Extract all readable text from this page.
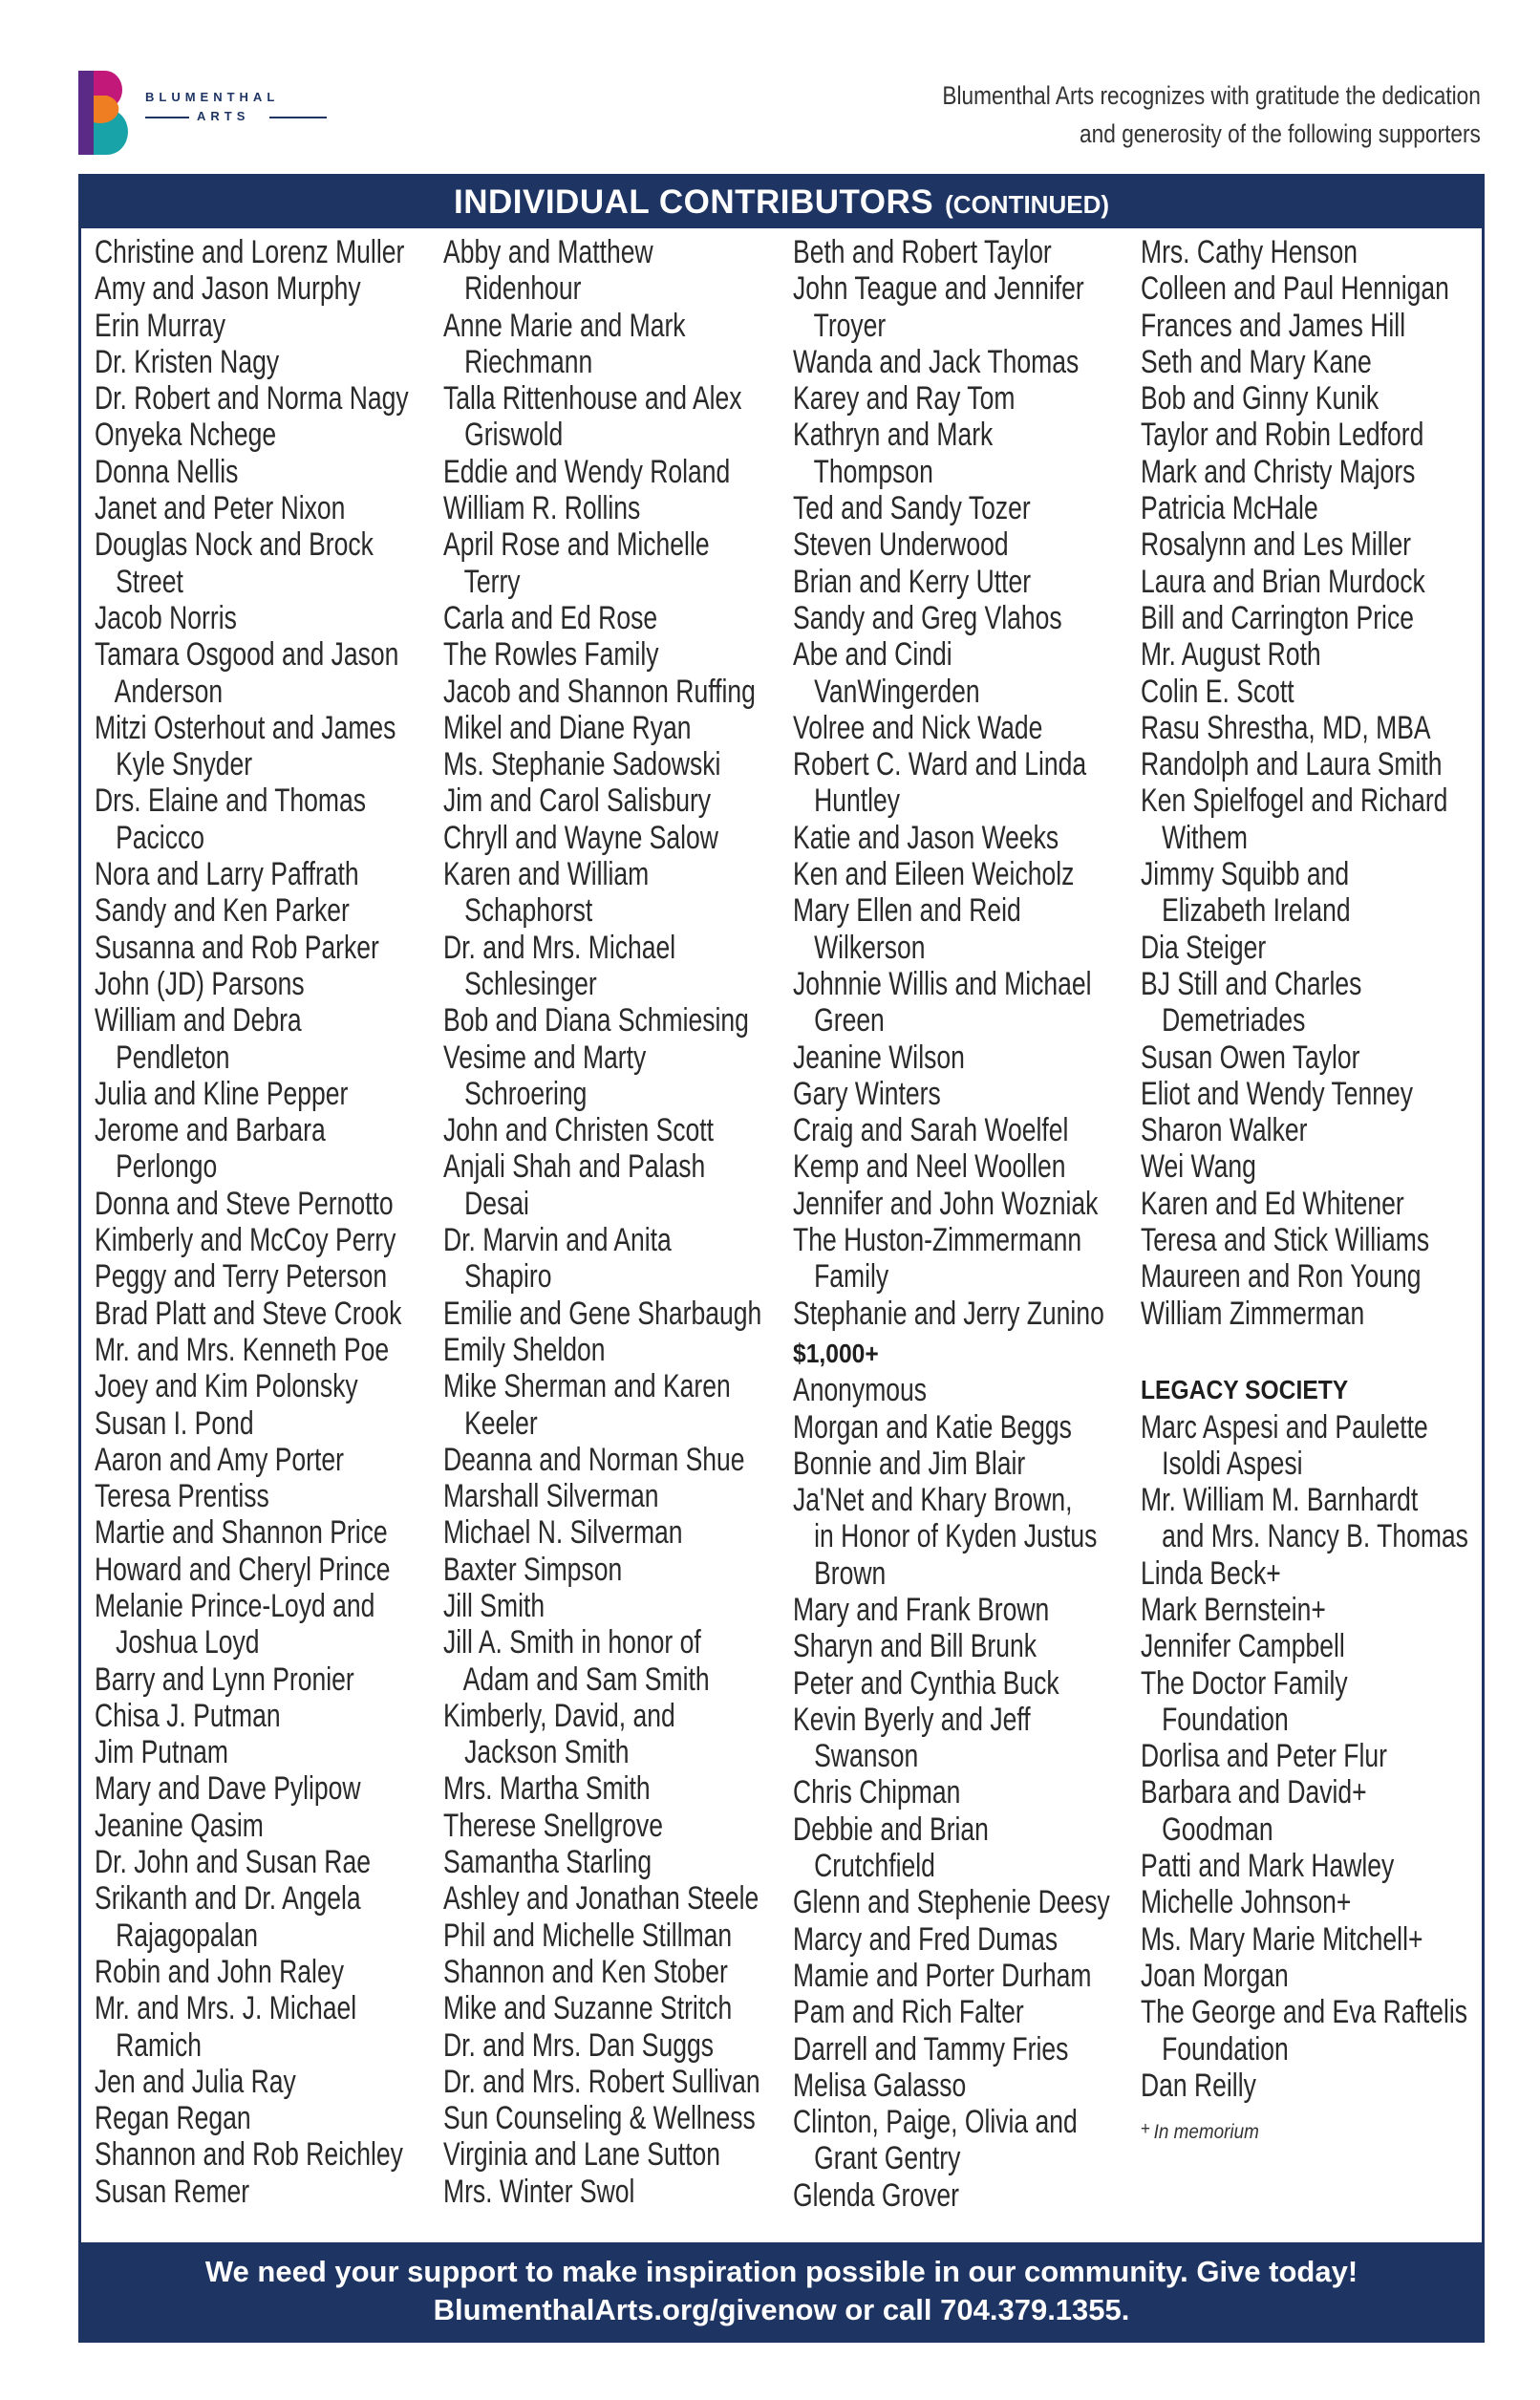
BLUMENTHAL
ARTS
Blumenthal Arts recognizes with gratitude the dedication
and generosity of the following supporters
INDIVIDUAL CONTRIBUTORS (CONTINUED)
Christine and Lorenz Muller
Amy and Jason Murphy
Erin Murray
Dr. Kristen Nagy
Dr. Robert and Norma Nagy
Onyeka Nchege
Donna Nellis
Janet and Peter Nixon
Douglas Nock and Brock
Street
Jacob Norris
Tamara Osgood and Jason
Anderson
Mitzi Osterhout and James
Kyle Snyder
Drs. Elaine and Thomas
Pacicco
Nora and Larry Paffrath
Sandy and Ken Parker
Susanna and Rob Parker
John (JD) Parsons
William and Debra
Pendleton
Julia and Kline Pepper
Jerome and Barbara
Perlongo
Donna and Steve Pernotto
Kimberly and McCoy Perry
Peggy and Terry Peterson
Brad Platt and Steve Crook
Mr. and Mrs. Kenneth Poe
Joey and Kim Polonsky
Susan I. Pond
Aaron and Amy Porter
Teresa Prentiss
Martie and Shannon Price
Howard and Cheryl Prince
Melanie Prince-Loyd and
Joshua Loyd
Barry and Lynn Pronier
Chisa J. Putman
Jim Putnam
Mary and Dave Pylipow
Jeanine Qasim
Dr. John and Susan Rae
Srikanth and Dr. Angela
Rajagopalan
Robin and John Raley
Mr. and Mrs. J. Michael
Ramich
Jen and Julia Ray
Regan Regan
Shannon and Rob Reichley
Susan Remer
Abby and Matthew
Ridenhour
Anne Marie and Mark
Riechmann
Talla Rittenhouse and Alex
Griswold
Eddie and Wendy Roland
William R. Rollins
April Rose and Michelle
Terry
Carla and Ed Rose
The Rowles Family
Jacob and Shannon Ruffing
Mikel and Diane Ryan
Ms. Stephanie Sadowski
Jim and Carol Salisbury
Chryll and Wayne Salow
Karen and William
Schaphorst
Dr. and Mrs. Michael
Schlesinger
Bob and Diana Schmiesing
Vesime and Marty
Schroering
John and Christen Scott
Anjali Shah and Palash
Desai
Dr. Marvin and Anita
Shapiro
Emilie and Gene Sharbaugh
Emily Sheldon
Mike Sherman and Karen
Keeler
Deanna and Norman Shue
Marshall Silverman
Michael N. Silverman
Baxter Simpson
Jill Smith
Jill A. Smith in honor of
Adam and Sam Smith
Kimberly, David, and
Jackson Smith
Mrs. Martha Smith
Therese Snellgrove
Samantha Starling
Ashley and Jonathan Steele
Phil and Michelle Stillman
Shannon and Ken Stober
Mike and Suzanne Stritch
Dr. and Mrs. Dan Suggs
Dr. and Mrs. Robert Sullivan
Sun Counseling & Wellness
Virginia and Lane Sutton
Mrs. Winter Swol
Beth and Robert Taylor
John Teague and Jennifer
Troyer
Wanda and Jack Thomas
Karey and Ray Tom
Kathryn and Mark
Thompson
Ted and Sandy Tozer
Steven Underwood
Brian and Kerry Utter
Sandy and Greg Vlahos
Abe and Cindi
VanWingerden
Volree and Nick Wade
Robert C. Ward and Linda
Huntley
Katie and Jason Weeks
Ken and Eileen Weicholz
Mary Ellen and Reid
Wilkerson
Johnnie Willis and Michael
Green
Jeanine Wilson
Gary Winters
Craig and Sarah Woelfel
Kemp and Neel Woollen
Jennifer and John Wozniak
The Huston-Zimmermann
Family
Stephanie and Jerry Zunino
$1,000+
Anonymous
Morgan and Katie Beggs
Bonnie and Jim Blair
Ja'Net and Khary Brown,
in Honor of Kyden Justus
Brown
Mary and Frank Brown
Sharyn and Bill Brunk
Peter and Cynthia Buck
Kevin Byerly and Jeff
Swanson
Chris Chipman
Debbie and Brian
Crutchfield
Glenn and Stephenie Deesy
Marcy and Fred Dumas
Mamie and Porter Durham
Pam and Rich Falter
Darrell and Tammy Fries
Melisa Galasso
Clinton, Paige, Olivia and
Grant Gentry
Glenda Grover
Mrs. Cathy Henson
Colleen and Paul Hennigan
Frances and James Hill
Seth and Mary Kane
Bob and Ginny Kunik
Taylor and Robin Ledford
Mark and Christy Majors
Patricia McHale
Rosalynn and Les Miller
Laura and Brian Murdock
Bill and Carrington Price
Mr. August Roth
Colin E. Scott
Rasu Shrestha, MD, MBA
Randolph and Laura Smith
Ken Spielfogel and Richard
Withem
Jimmy Squibb and
Elizabeth Ireland
Dia Steiger
BJ Still and Charles
Demetriades
Susan Owen Taylor
Eliot and Wendy Tenney
Sharon Walker
Wei Wang
Karen and Ed Whitener
Teresa and Stick Williams
Maureen and Ron Young
William Zimmerman
LEGACY SOCIETY
Marc Aspesi and Paulette
Isoldi Aspesi
Mr. William M. Barnhardt
and Mrs. Nancy B. Thomas
Linda Beck+
Mark Bernstein+
Jennifer Campbell
The Doctor Family
Foundation
Dorlisa and Peter Flur
Barbara and David+
Goodman
Patti and Mark Hawley
Michelle Johnson+
Ms. Mary Marie Mitchell+
Joan Morgan
The George and Eva Raftelis
Foundation
Dan Reilly
+ In memorium
We need your support to make inspiration possible in our community. Give today!
BlumenthalArts.org/givenow or call 704.379.1355.
